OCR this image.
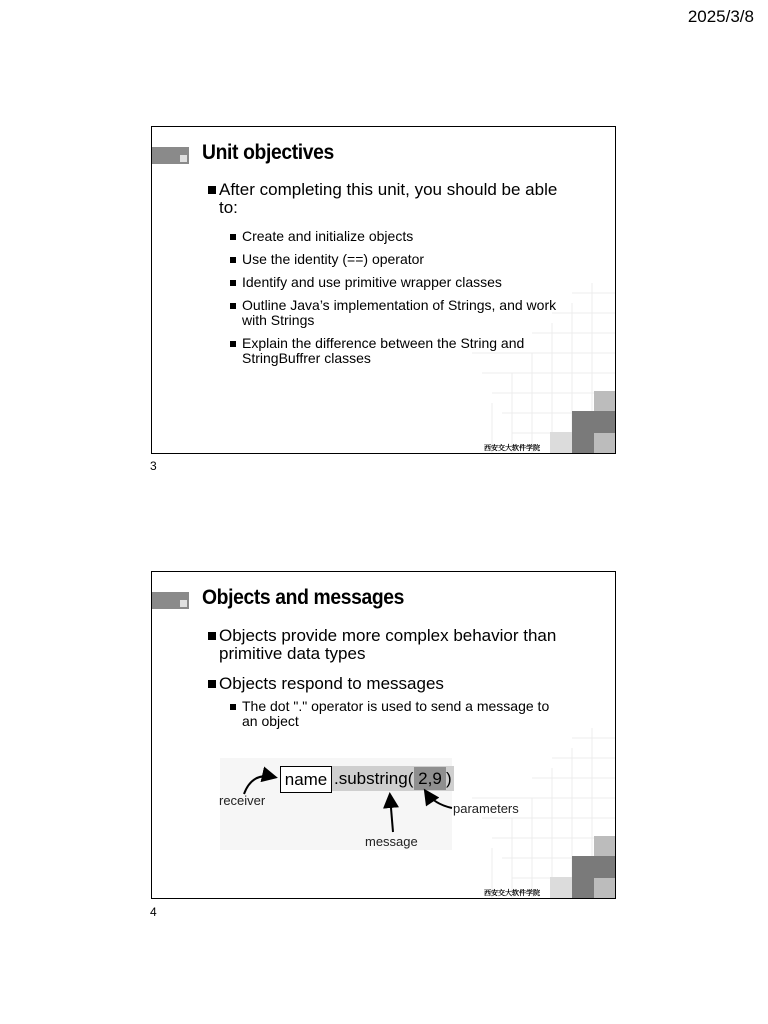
2025/3/8
Unit objectives
After completing this unit, you should be able to:
Create and initialize objects
Use the identity (==) operator
Identify and use primitive wrapper classes
Outline Java’s implementation of Strings, and work with Strings
Explain the difference between the String and StringBuffrer classes
西安交大软件学院
3
Objects and messages
Objects provide more complex behavior than primitive data types
Objects respond to messages
The dot "." operator is used to send a message to an object
.substring( 2,9 )
name
receiver
message
parameters
西安交大软件学院
4
